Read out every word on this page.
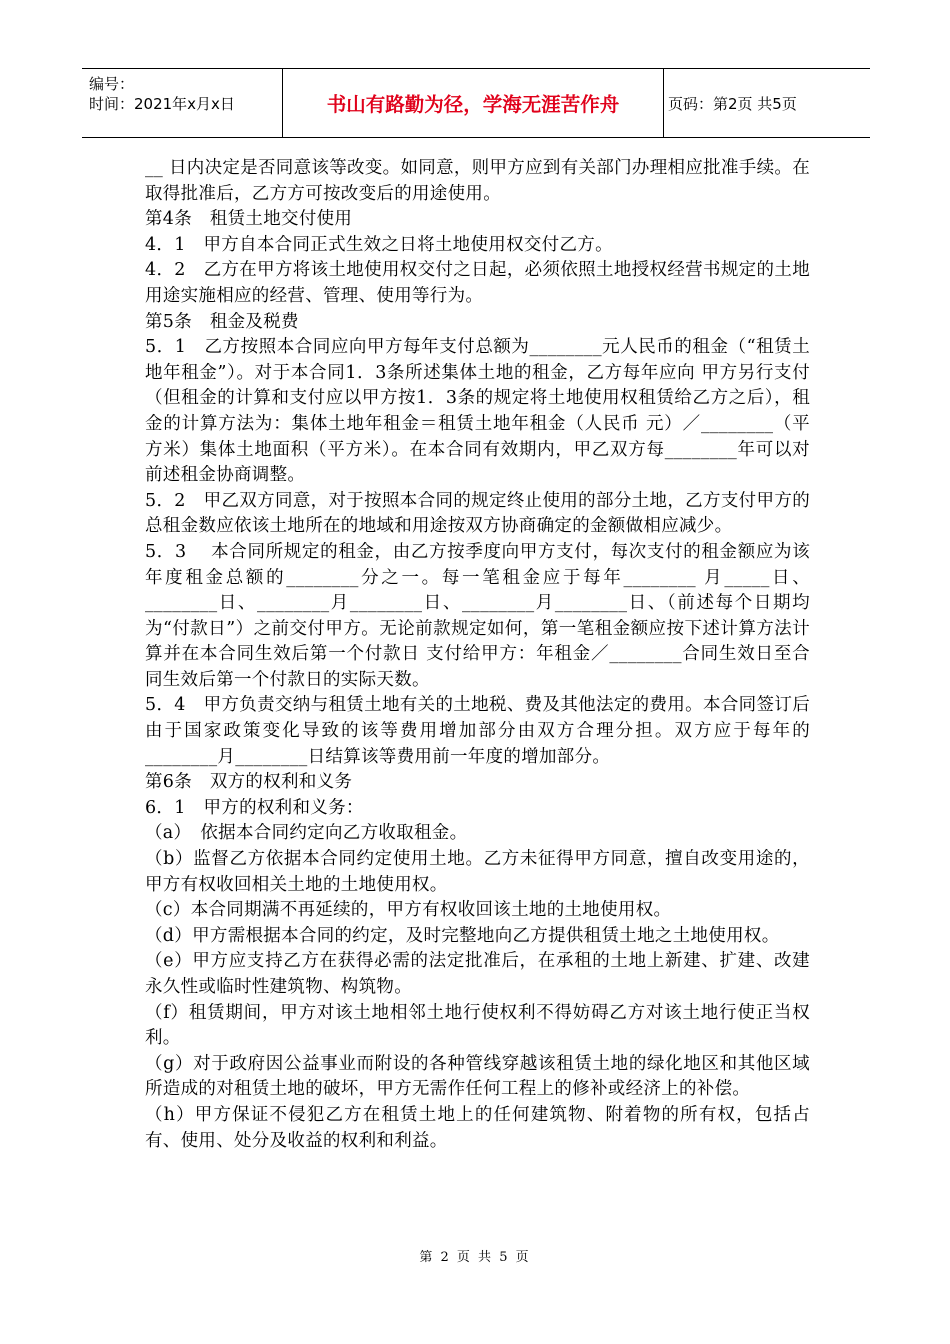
编号：
时间：2021年x月x日	书山有路勤为径，学海无涯苦作舟	页码：第2页 共5页

__ 日内决定是否同意该等改变。如同意，则甲方应到有关部门办理相应批准手续。在取得批准后，乙方方可按改变后的用途使用。

第4条　租赁土地交付使用

4．1　甲方自本合同正式生效之日将土地使用权交付乙方。

4．2　乙方在甲方将该土地使用权交付之日起，必须依照土地授权经营书规定的土地用途实施相应的经营、管理、使用等行为。

第5条　租金及税费

5．1　乙方按照本合同应向甲方每年支付总额为________元人民币的租金（“租赁土地年租金”）。对于本合同1．3条所述集体土地的租金，乙方每年应向 甲方另行支付（但租金的计算和支付应以甲方按1．3条的规定将土地使用权租赁给乙方之后），租金的计算方法为：集体土地年租金＝租赁土地年租金（人民币 元）／________（平方米）集体土地面积（平方米）。在本合同有效期内，甲乙双方每________年可以对前述租金协商调整。

5．2　甲乙双方同意，对于按照本合同的规定终止使用的部分土地，乙方支付甲方的总租金数应依该土地所在的地域和用途按双方协商确定的金额做相应减少。

5．3　 本合同所规定的租金，由乙方按季度向甲方支付，每次支付的租金额应为该年度租金总额的________分之一。每一笔租金应于每年________ 月_____日、________日、________月________日、________月________日、（前述每个日期均为“付款日”）之前交付甲方。无论前款规定如何，第一笔租金额应按下述计算方法计算并在本合同生效后第一个付款日 支付给甲方：年租金／________合同生效日至合同生效后第一个付款日的实际天数。

5．4　甲方负责交纳与租赁土地有关的土地税、费及其他法定的费用。本合同签订后由于国家政策变化导致的该等费用增加部分由双方合理分担。双方应于每年的________月________日结算该等费用前一年度的增加部分。

第6条　双方的权利和义务

6．1　甲方的权利和义务：

（a）　依据本合同约定向乙方收取租金。

（b）监督乙方依据本合同约定使用土地。乙方未征得甲方同意，擅自改变用途的，甲方有权收回相关土地的土地使用权。

（c）本合同期满不再延续的，甲方有权收回该土地的土地使用权。

（d）甲方需根据本合同的约定，及时完整地向乙方提供租赁土地之土地使用权。

（e）甲方应支持乙方在获得必需的法定批准后，在承租的土地上新建、扩建、改建永久性或临时性建筑物、构筑物。

（f）租赁期间，甲方对该土地相邻土地行使权利不得妨碍乙方对该土地行使正当权利。

（g）对于政府因公益事业而附设的各种管线穿越该租赁土地的绿化地区和其他区域所造成的对租赁土地的破坏，甲方无需作任何工程上的修补或经济上的补偿。

（h）甲方保证不侵犯乙方在租赁土地上的任何建筑物、附着物的所有权，包括占有、使用、处分及收益的权利和利益。

第 2 页 共 5 页
